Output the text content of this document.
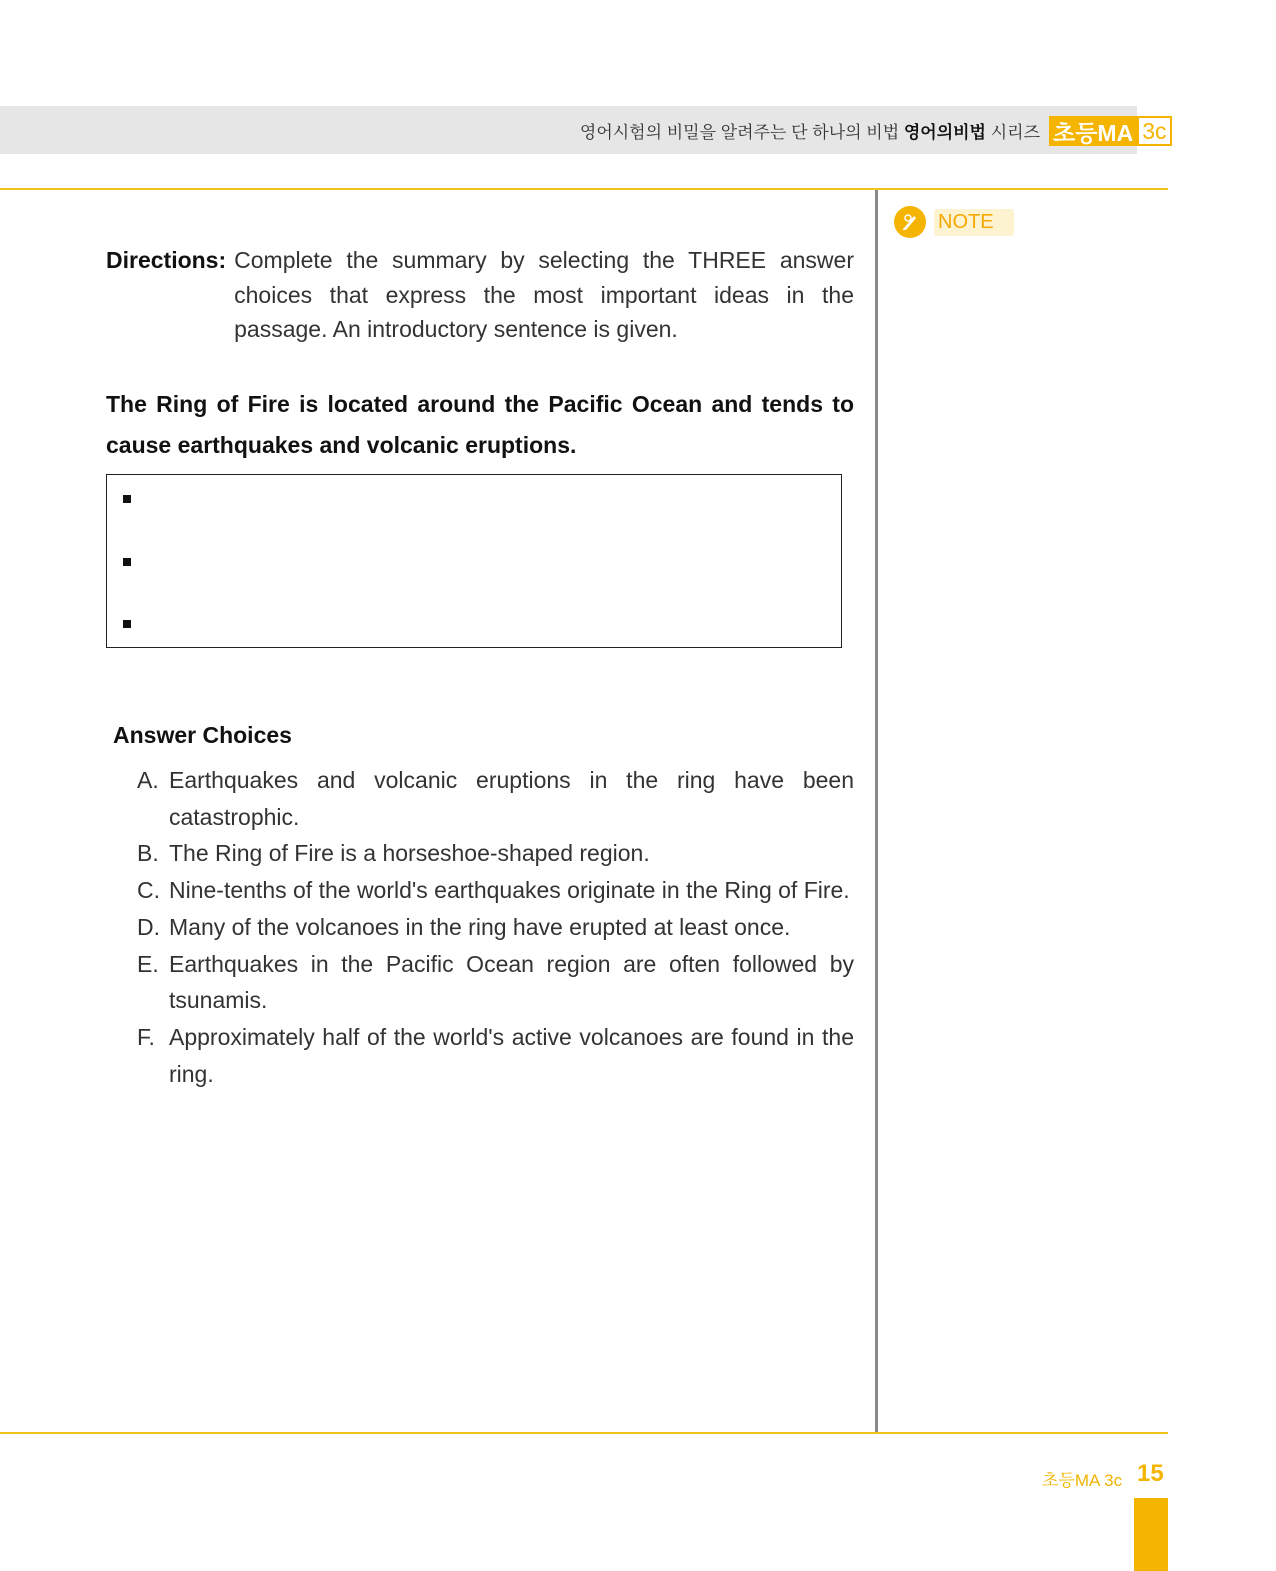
영어시험의 비밀을 알려주는 단 하나의 비법 영어의비법 시리즈 초등MA 3c
NOTE
Directions: Complete the summary by selecting the THREE answer choices that express the most important ideas in the passage. An introductory sentence is given.
The Ring of Fire is located around the Pacific Ocean and tends to cause earthquakes and volcanic eruptions.
Answer Choices
A. Earthquakes and volcanic eruptions in the ring have been catastrophic.
B. The Ring of Fire is a horseshoe-shaped region.
C. Nine-tenths of the world's earthquakes originate in the Ring of Fire.
D. Many of the volcanoes in the ring have erupted at least once.
E. Earthquakes in the Pacific Ocean region are often followed by tsunamis.
F. Approximately half of the world's active volcanoes are found in the ring.
초등MA 3c 15
